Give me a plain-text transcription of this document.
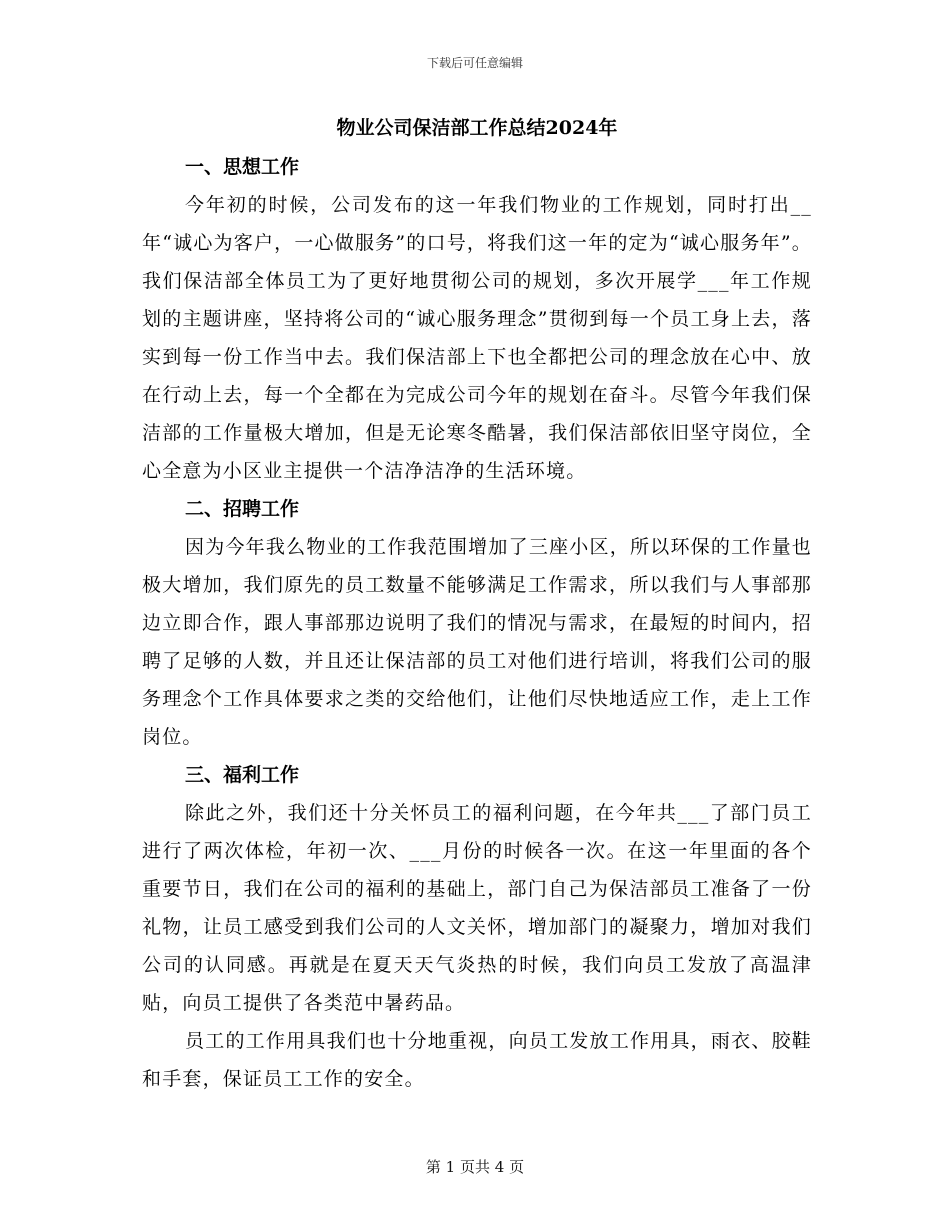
下载后可任意编辑
物业公司保洁部工作总结2024年
一、思想工作

今年初的时候，公司发布的这一年我们物业的工作规划，同时打出__年“诚心为客户，一心做服务”的口号，将我们这一年的定为“诚心服务年”。我们保洁部全体员工为了更好地贯彻公司的规划，多次开展学___年工作规划的主题讲座，坚持将公司的“诚心服务理念”贯彻到每一个员工身上去，落实到每一份工作当中去。我们保洁部上下也全都把公司的理念放在心中、放在行动上去，每一个全都在为完成公司今年的规划在奋斗。尽管今年我们保洁部的工作量极大增加，但是无论寒冬酷暑，我们保洁部依旧坚守岗位，全心全意为小区业主提供一个洁净洁净的生活环境。

二、招聘工作

因为今年我么物业的工作我范围增加了三座小区，所以环保的工作量也极大增加，我们原先的员工数量不能够满足工作需求，所以我们与人事部那边立即合作，跟人事部那边说明了我们的情况与需求，在最短的时间内，招聘了足够的人数，并且还让保洁部的员工对他们进行培训，将我们公司的服务理念个工作具体要求之类的交给他们，让他们尽快地适应工作，走上工作岗位。

三、福利工作

除此之外，我们还十分关怀员工的福利问题，在今年共___了部门员工进行了两次体检，年初一次、___月份的时候各一次。在这一年里面的各个重要节日，我们在公司的福利的基础上，部门自己为保洁部员工准备了一份礼物，让员工感受到我们公司的人文关怀，增加部门的凝聚力，增加对我们公司的认同感。再就是在夏天天气炎热的时候，我们向员工发放了高温津贴，向员工提供了各类范中暑药品。

员工的工作用具我们也十分地重视，向员工发放工作用具，雨衣、胶鞋和手套，保证员工工作的安全。

第 1 页共 4 页
